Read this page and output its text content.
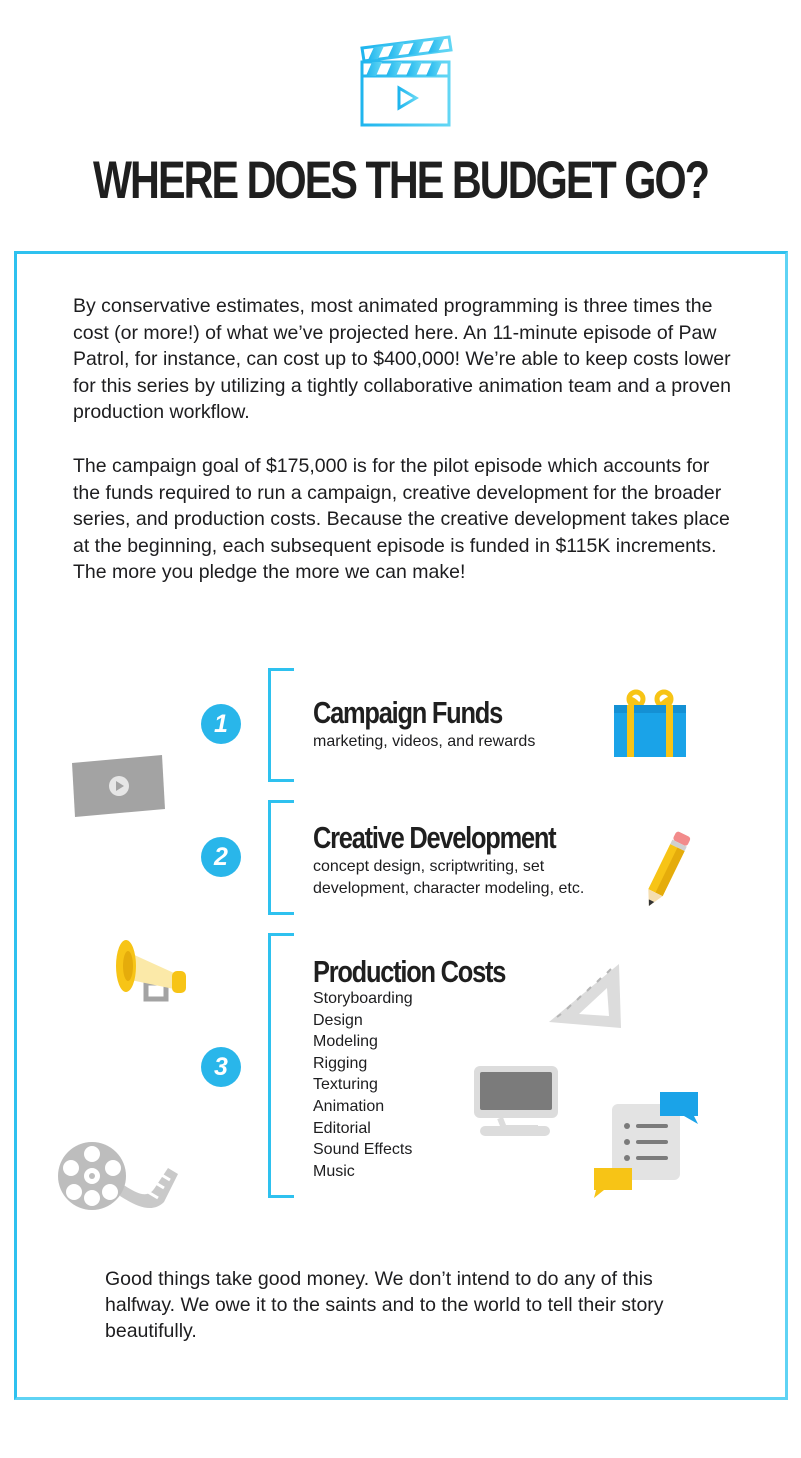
WHERE DOES THE BUDGET GO?

By conservative estimates, most animated programming is three times the cost (or more!) of what we’ve projected here. An 11-minute episode of Paw Patrol, for instance, can cost up to $400,000! We’re able to keep costs lower for this series by utilizing a tightly collaborative animation team and a proven production workflow.

The campaign goal of $175,000 is for the pilot episode which accounts for the funds required to run a campaign, creative development for the broader series, and production costs. Because the creative development takes place at the beginning, each subsequent episode is funded in $115K increments. The more you pledge the more we can make!

1
2
3
Campaign Funds
marketing, videos, and rewards
Creative Development
concept design, scriptwriting, set development, character modeling, etc.
Production Costs
Storyboarding
Design
Modeling
Rigging
Texturing
Animation
Editorial
Sound Effects
Music

Good things take good money. We don’t intend to do any of this halfway. We owe it to the saints and to the world to tell their story beautifully.
